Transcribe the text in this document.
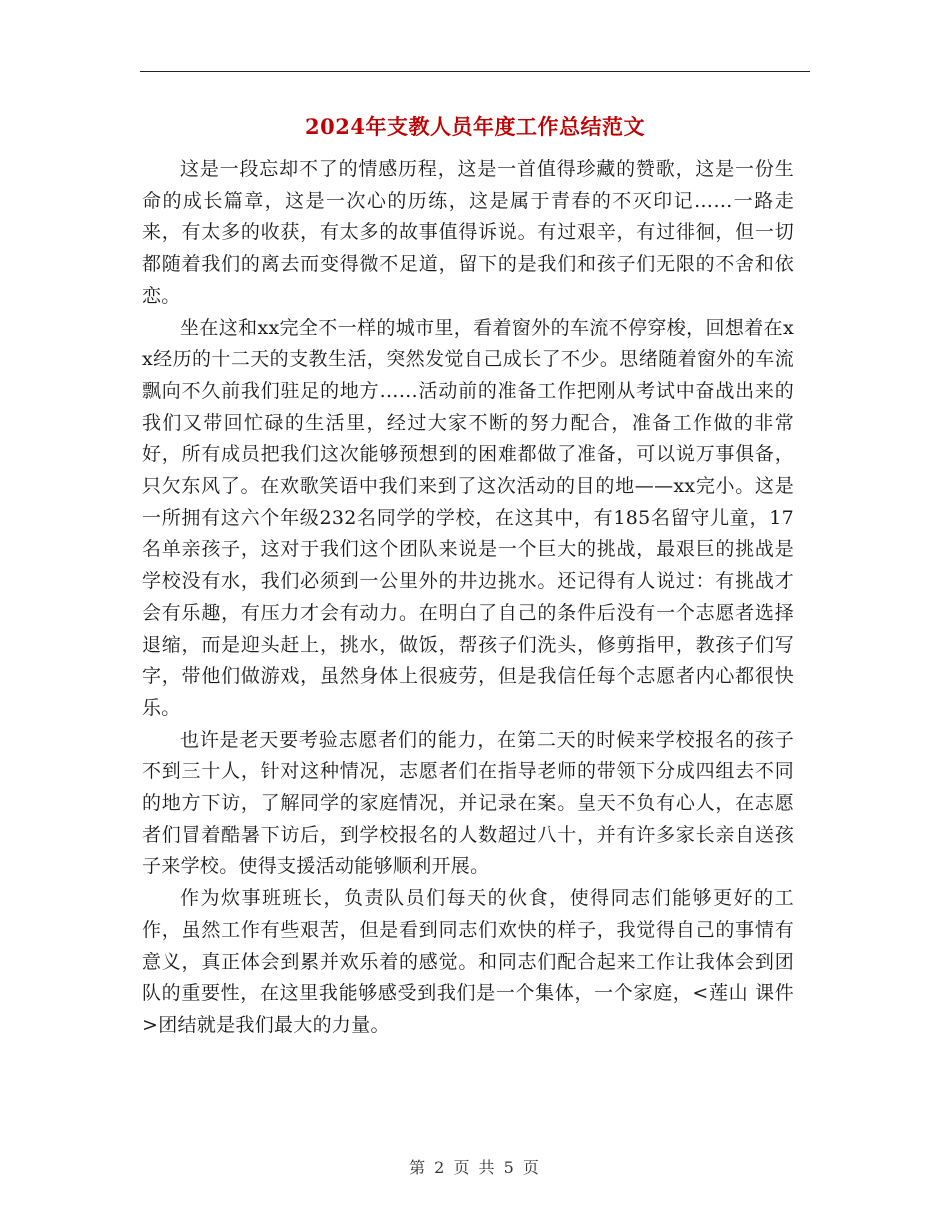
2024年支教人员年度工作总结范文

这是一段忘却不了的情感历程，这是一首值得珍藏的赞歌，这是一份生命的成长篇章，这是一次心的历练，这是属于青春的不灭印记……一路走来，有太多的收获，有太多的故事值得诉说。有过艰辛，有过徘徊，但一切都随着我们的离去而变得微不足道，留下的是我们和孩子们无限的不舍和依恋。

坐在这和xx完全不一样的城市里，看着窗外的车流不停穿梭，回想着在xx经历的十二天的支教生活，突然发觉自己成长了不少。思绪随着窗外的车流飘向不久前我们驻足的地方……活动前的准备工作把刚从考试中奋战出来的我们又带回忙碌的生活里，经过大家不断的努力配合，准备工作做的非常好，所有成员把我们这次能够预想到的困难都做了准备，可以说万事俱备，只欠东风了。在欢歌笑语中我们来到了这次活动的目的地——xx完小。这是一所拥有这六个年级232名同学的学校，在这其中，有185名留守儿童，17名单亲孩子，这对于我们这个团队来说是一个巨大的挑战，最艰巨的挑战是学校没有水，我们必须到一公里外的井边挑水。还记得有人说过：有挑战才会有乐趣，有压力才会有动力。在明白了自己的条件后没有一个志愿者选择退缩，而是迎头赶上，挑水，做饭，帮孩子们洗头，修剪指甲，教孩子们写字，带他们做游戏，虽然身体上很疲劳，但是我信任每个志愿者内心都很快乐。

也许是老天要考验志愿者们的能力，在第二天的时候来学校报名的孩子不到三十人，针对这种情况，志愿者们在指导老师的带领下分成四组去不同的地方下访，了解同学的家庭情况，并记录在案。皇天不负有心人，在志愿者们冒着酷暑下访后，到学校报名的人数超过八十，并有许多家长亲自送孩子来学校。使得支援活动能够顺利开展。

作为炊事班班长，负责队员们每天的伙食，使得同志们能够更好的工作，虽然工作有些艰苦，但是看到同志们欢快的样子，我觉得自己的事情有意义，真正体会到累并欢乐着的感觉。和同志们配合起来工作让我体会到团队的重要性，在这里我能够感受到我们是一个集体，一个家庭，<莲山 课件>团结就是我们最大的力量。

第 2 页 共 5 页
